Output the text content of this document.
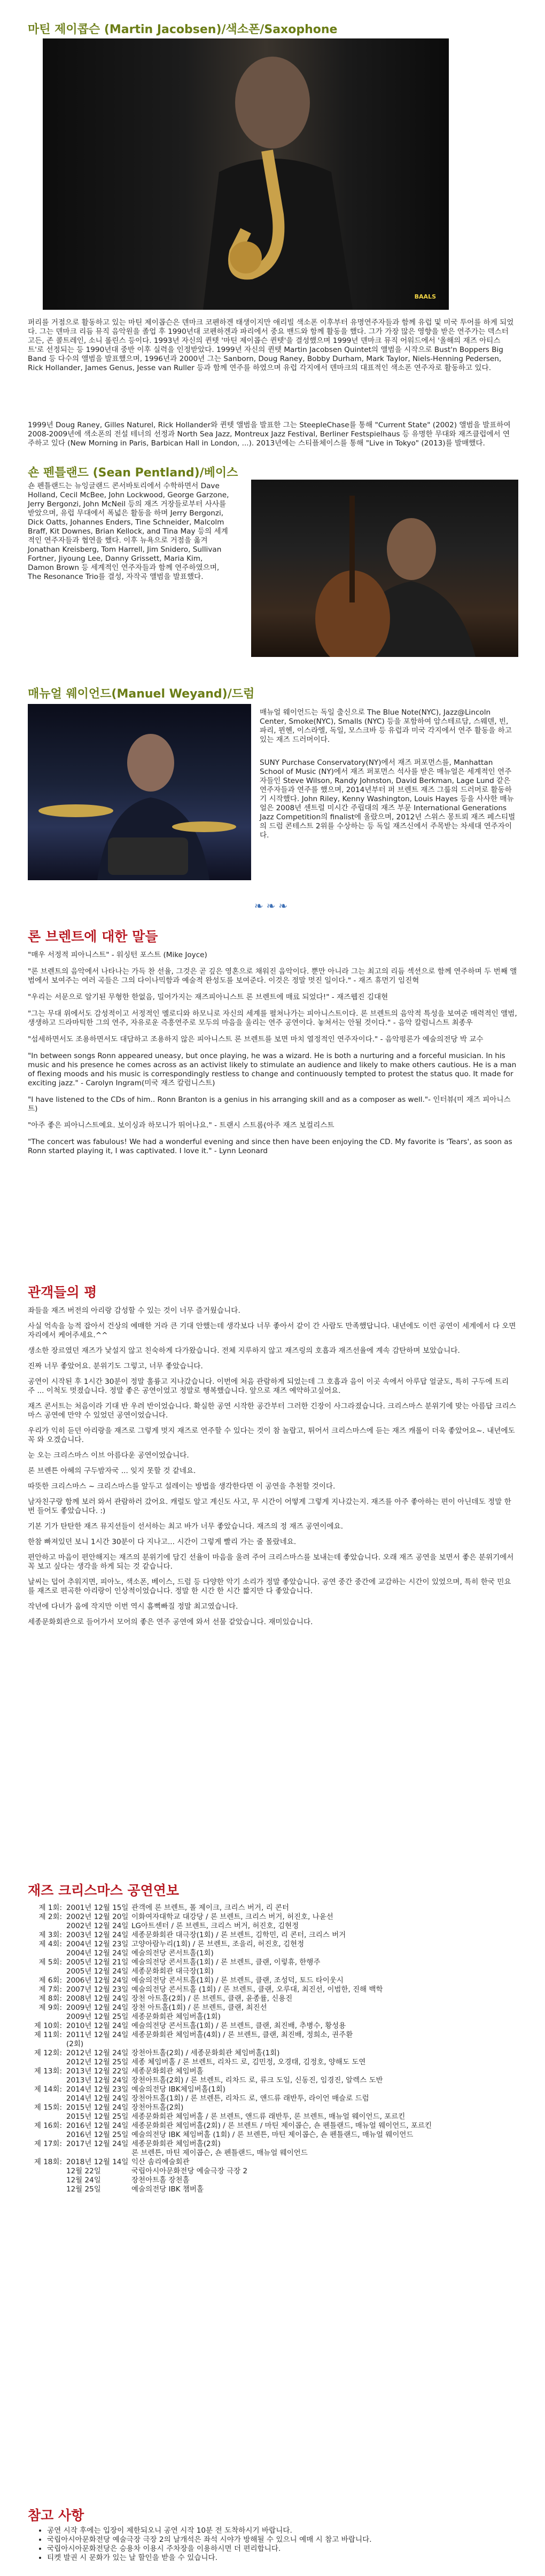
마틴 제이콥슨 (Martin Jacobsen)/색소폰/Saxophone
BAALS

퍼리를 거점으로 활동하고 있는 마틴 제이콥슨은 덴마크 코펜하겐 태생이지만 애리빌 색소폰 이후부터 유명연주자들과 함께 유럽 및 미국 투어를 하게 되었다. 그는 덴마크 리듬 뮤직 음악원을 졸업 후 1990년대 코펜하겐과 파리에서 중요 밴드와 함께 활동을 했다. 그가 가장 많은 영향을 받은 연주가는 덱스터 고든, 존 콜트레인, 소니 롤린스 등이다. 1993년 자신의 퀸텟 '마틴 제이콥슨 퀸텟'을 결성했으며 1999년 덴마크 뮤직 어워드에서 '올해의 재즈 아티스트'로 선정되는 등 1990년대 중반 이후 실력을 인정받았다. 1999년 자신의 퀸텟 Martin Jacobsen Quintet의 앨범을 시작으로 Bust'n Boppers Big Band 등 다수의 앨범을 발표했으며, 1996년과 2000년 그는 Sanborn, Doug Raney, Bobby Durham, Mark Taylor, Niels-Henning Pedersen, Rick Hollander, James Genus, Jesse van Ruller 등과 함께 연주를 하였으며 유럽 각지에서 덴마크의 대표적인 색소폰 연주자로 활동하고 있다.

1999년 Doug Raney, Gilles Naturel, Rick Hollander와 퀸텟 앨범을 발표한 그는 SteepleChase를 통해 "Current State" (2002) 앨범을 발표하여 2008-2009년에 색소폰의 전설 테너의 선정과 North Sea Jazz, Montreux Jazz Festival, Berliner Festspielhaus 등 유명한 무대와 재즈클럽에서 연주하고 있다 (New Morning in Paris, Barbican Hall in London, ...). 2013년에는 스티플체이스를 통해 "Live in Tokyo" (2013)를 발매했다.

숀 펜틀랜드 (Sean Pentland)/베이스

숀 펜틀랜드는 뉴잉글랜드 콘서바토리에서 수학하면서 Dave Holland, Cecil McBee, John Lockwood, George Garzone, Jerry Bergonzi, John McNeil 등의 재즈 거장들로부터 사사를 받았으며, 유럽 무대에서 폭넓은 활동을 하며 Jerry Bergonzi, Dick Oatts, Johannes Enders, Tine Schneider, Malcolm Braff, Kit Downes, Brian Kellock, and Tina May 등의 세계적인 연주자들과 협연을 했다. 이후 뉴욕으로 거점을 옮겨 Jonathan Kreisberg, Tom Harrell, Jim Snidero, Sullivan Fortner, Jiyoung Lee, Danny Grissett, Maria Kim, Damon Brown 등 세계적인 연주자들과 함께 연주하였으며, The Resonance Trio를 결성, 자작곡 앨범을 발표했다.

매뉴얼 웨이언드(Manuel Weyand)/드럼

매뉴얼 웨이언드는 독일 출신으로 The Blue Note(NYC), Jazz@Lincoln Center, Smoke(NYC), Smalls (NYC) 등을 포함하여 암스테르담, 스웨덴, 빈, 파리, 뮌헨, 이스라엘, 독일, 모스크바 등 유럽과 미국 각지에서 연주 활동을 하고 있는 재즈 드러머이다.

SUNY Purchase Conservatory(NY)에서 재즈 퍼포먼스를, Manhattan School of Music (NY)에서 재즈 퍼포먼스 석사를 받은 매뉴얼은 세계적인 연주자들인 Steve Wilson, Randy Johnston, David Berkman, Lage Lund 같은 연주자들과 연주를 했으며, 2014년부터 퍼 브렌트 재즈 그룹의 드러머로 활동하기 시작했다. John Riley, Kenny Washington, Louis Hayes 등을 사사한 매뉴얼은 2008년 센트럴 미시간 주립대의 재즈 부문 International Generations Jazz Competition의 finalist에 올랐으며, 2012년 스위스 몽트뢰 재즈 페스티벌의 드럼 콘테스트 2위를 수상하는 등 독일 재즈신에서 주목받는 차세대 연주자이다.

❧❧❧
론 브렌트에 대한 말들

"매우 서정적 피아니스트" - 워싱턴 포스트 (Mike Joyce)

"론 브렌트의 음악에서 나타나는 가득 찬 선율, 그것은 곧 깊은 영혼으로 채워진 음악이다. 뿐만 아니라 그는 최고의 리듬 섹션으로 함께 연주하며 두 번째 앨범에서 보여주는 여러 곡들은 그의 다이나믹함과 예술적 완성도를 보여준다. 이것은 정말 멋진 일이다." - 재즈 휴먼기 임진혁

"우리는 서문으로 알기된 무형한 한없음, 밀어가지는 재즈피아니스트 론 브렌트에 매료 되었다!" - 재즈웹진 김대현

"그는 무대 위에서도 감성적이고 서정적인 멜로디와 하모니로 자신의 세계를 펼쳐나가는 피아니스트이다. 론 브렌트의 음악적 특성을 보여준 매력적인 앨범, 생생하고 드라마틱한 그의 연주, 자유로운 즉흥연주로 모두의 마음을 울리는 연주 공연이다. 놓쳐서는 안될 것이다." - 음악 칼럼니스트 최종우

"섬세하면서도 조용하면서도 대담하고 조용하지 않은 피아니스트 론 브렌트를 보면 마치 열정적인 연주자이다." - 음악평론가 예술의전당 박 교수

"In between songs Ronn appeared uneasy, but once playing, he was a wizard. He is both a nurturing and a forceful musician. In his music and his presence he comes across as an activist likely to stimulate an audience and likely to make others cautious. He is a man of flexing moods and his music is correspondingly restless to change and continuously tempted to protest the status quo. It made for exciting jazz." - Carolyn Ingram(미국 재즈 칼럼니스트)

"I have listened to the CDs of him.. Ronn Branton is a genius in his arranging skill and as a composer as well."- 인터뷰(미 재즈 피아니스트)

"아주 좋은 피아니스트예요. 보이싱과 하모니가 뛰어나요." - 트랜시 스트롬(아주 재즈 보컬리스트

"The concert was fabulous! We had a wonderful evening and since then have been enjoying the CD. My favorite is 'Tears', as soon as Ronn started playing it, I was captivated. I love it." - Lynn Leonard

관객들의 평

좌들을 재즈 버전의 아리랑 감성할 수 있는 것이 너무 즐거웠습니다.

사실 억속을 능적 잡아서 건상의 예매한 거라 큰 기대 안했는데 생각보다 너무 좋아서 같이 간 사람도 만족했답니다. 내년에도 이런 공연이 세계에서 다 오면 자리에서 케어주세요.^^

생소한 장르였던 재즈가 낯설지 않고 친숙하게 다가왔습니다. 전체 지루하지 않고 재즈링의 호흡과 재즈선율에 계속 감탄하며 보았습니다.

진짜 너무 좋았어요. 분위기도 그렇고, 너무 좋았습니다.

공연이 시작된 후 1시간 30분이 정말 훌륭고 지나갔습니다. 이번에 처음 관람하게 되었는데 그 호흡과 음이 이곳 속에서 아루답 얼굴도, 특히 구두에 트리 주 ... 이척도 멋졌습니다. 정말 좋은 공연이었고 정말로 행복했습니다. 앞으로 재즈 예약하고싶어요.

재즈 콘서트는 처음이라 기대 반 우려 반이었습니다. 확실한 공연 시작한 공간부터 그러한 긴장이 사그라졌습니다. 크리스마스 분위기에 맞는 아름답 크리스마스 공연에 만약 수 있었던 공연이었습니다.

우리가 익히 듣던 아리랑을 재즈로 그렇게 멋지 재즈로 연주할 수 있다는 것이 참 놀랍고, 튀어서 크리스마스에 듣는 재즈 캐롤이 더욱 좋았어요~. 내년에도 꼭 와 오겠습니다.

눈 오는 크리스마스 이브 아름다운 공연이었습니다.

론 브렌튼 아헤의 구두밤자국 ... 잊지 못할 것 같네요.

따뜻한 크리스마스 ~ 크리스마스를 앞두고 설레이는 방법을 생각한다면 이 공연을 추천할 것이다.

남자친구랑 함께 보러 와서 관람하러 갔어요. 캐럴도 알고 계신도 사고, 무 시간이 어떻게 그렇게 지나갔는지. 재즈를 아주 좋아하는 편이 아닌데도 정말 한 번 들어도 좋았습니다. :)

기본 기가 탄탄한 재즈 뮤지션들이 선서하는 최고 바가 너무 좋았습니다. 재즈의 정 재즈 공연이에요.

한참 빠져있던 보니 1시간 30분이 다 지나고... 시간이 그렇게 빨리 가는 줄 몰랐네요.

편안하고 마음이 편안해지는 재즈의 분위기에 담긴 선율이 마음을 울려 주어 크리스마스를 보내는데 좋았습니다. 오래 재즈 공연을 보면서 좋은 분위기에서 꼭 보고 싶다는 생각을 하게 되는 것 같습니다.

날씨는 덥어 추워지면, 피아노, 색소폰, 베이스, 드럼 등 다양한 악기 소리가 정말 좋았습니다. 공연 중간 중간에 교감하는 시간이 있었으며, 특히 한국 민요를 재즈로 편곡한 아리랑이 인상적이었습니다. 정말 한 시간 한 시간 짧지만 다 좋았습니다.

작년에 다녀가 움에 작지만 이번 역시 흠뻑빠질 정말 최고였습니다.

세종문화회관으로 들어가서 모어의 좋은 연주 공연에 와서 선물 같았습니다. 재미있습니다.

재즈 크리스마스 공연연보
제 1회: 2001년 12월 15일 관객에 론 브렌트, 폴 제이크, 크리스 버거, 리 콘터
제 2회: 2002년 12월 20일 이화여자대학교 대강당 / 론 브렌트, 크리스 버거, 허진호, 나윤선
2002년 12월 24일 LG아트센터 / 론 브렌트, 크리스 버거, 허진호, 김현정
제 3회: 2003년 12월 24일 세종문화회관 대극장(1회) / 론 브렌트, 김학민, 리 콘터, 크리스 버거
제 4회: 2004년 12월 23일 고양아람누리(1회) / 론 브렌트, 조을리, 허진호, 김현정
2004년 12월 24일 예술의전당 콘서트홀(1회)
제 5회: 2005년 12월 21일 예술의전당 콘서트홀(1회) / 론 브렌트, 클랜, 이렇휴, 한행주
2005년 12월 24일 세종문화회관 대극장(1회)
제 6회: 2006년 12월 24일 예술의전당 콘서트홀(1회) / 론 브렌트, 클랜, 조성덕, 토드 타이웃시
제 7회: 2007년 12월 23일 예술의전당 콘서트홀 (1회) / 론 브렌트, 클랜, 오루대, 최진선, 이범한, 진해 백학
제 8회: 2008년 12월 24일 장천 아트홀(2회) / 론 브렌트, 클랜, 윤종률, 신용진
제 9회: 2009년 12월 24일 장천 아트홀(1회) / 론 브렌트, 클랜, 최진선
2009년 12월 25일 세종문화회관 체임버홀(1회)
제 10회: 2010년 12월 24일 예술의전당 콘서트홀(1회) / 론 브렌트, 클랜, 최진배, 추병수, 황성용
제 11회: 2011년 12월 24일(2회)
세종문화회관 체임버홀(4회) / 론 브렌트, 클랜, 최진배, 정희소, 권주환
제 12회: 2012년 12월 24일 장천아트홀(2회) / 세종문화회관 체임버홀(1회)
2012년 12월 25일 세종 체임버홀 / 론 브렌트, 리차드 로, 김민정, 오경태, 김정호, 양해도 도연
제 13회: 2013년 12월 22일 세종문화회관 체임버홀
2013년 12월 24일 장천아트홀(2회) / 론 브렌트, 리차드 로, 류크 도일, 신동진, 임경진, 알렉스 도반
제 14회: 2014년 12월 23일 예술의전당 IBK체임버홀(1회)
2014년 12월 24일 장천아트홀(1회) / 론 브렌튼, 리차드 로, 앤드류 래반투, 라이언 매슬로 드럼
제 15회: 2015년 12월 24일 장천아트홀(2회)
2015년 12월 25일 세종문화회관 체임버홀 / 론 브렌트, 앤드류 래반투, 론 브렌트, 매뉴얼 웨이언드, 포르킨
제 16회: 2016년 12월 24일 세종문화회관 체임버홀(2회) / 론 브렌트 / 마틴 제이콥슨, 숀 펜틀랜드, 매뉴얼 웨이언드, 포르킨
2016년 12월 25일 예술의전당 IBK 체임버홀 (1회) / 론 브렌튼, 마틴 제이콥슨, 숀 펜틀랜드, 매뉴얼 웨이언드
제 17회: 2017년 12월 24일 세종문화회관 체임버홀(2회)
론 브렌튼, 마틴 제이콥슨, 숀 펜틀랜드, 매뉴얼 웨이언드
제 18회: 2018년 12월 14일 익산 솜리예술회관
12월 22일	국립아시아문화전당 예술극장 극장 2
12월 24일	장천아트홀 장천홀
12월 25일	예술의전당 IBK 챔버홀
참고 사항
• 공연 시작 후에는 입장이 제한되오니 공연 시작 10분 전 도착하시기 바랍니다.
• 국립아시아문화전당 예술극장 극장 2의 날개석은 좌석 시야가 방해될 수 있으니 예매 시 참고 바랍니다.
• 국립아시아문화전당은 승용차 이용시 주차장을 이용하시면 더 편리합니다.
• 티켓 발권 시 문화가 있는 날 할인을 받을 수 있습니다.
